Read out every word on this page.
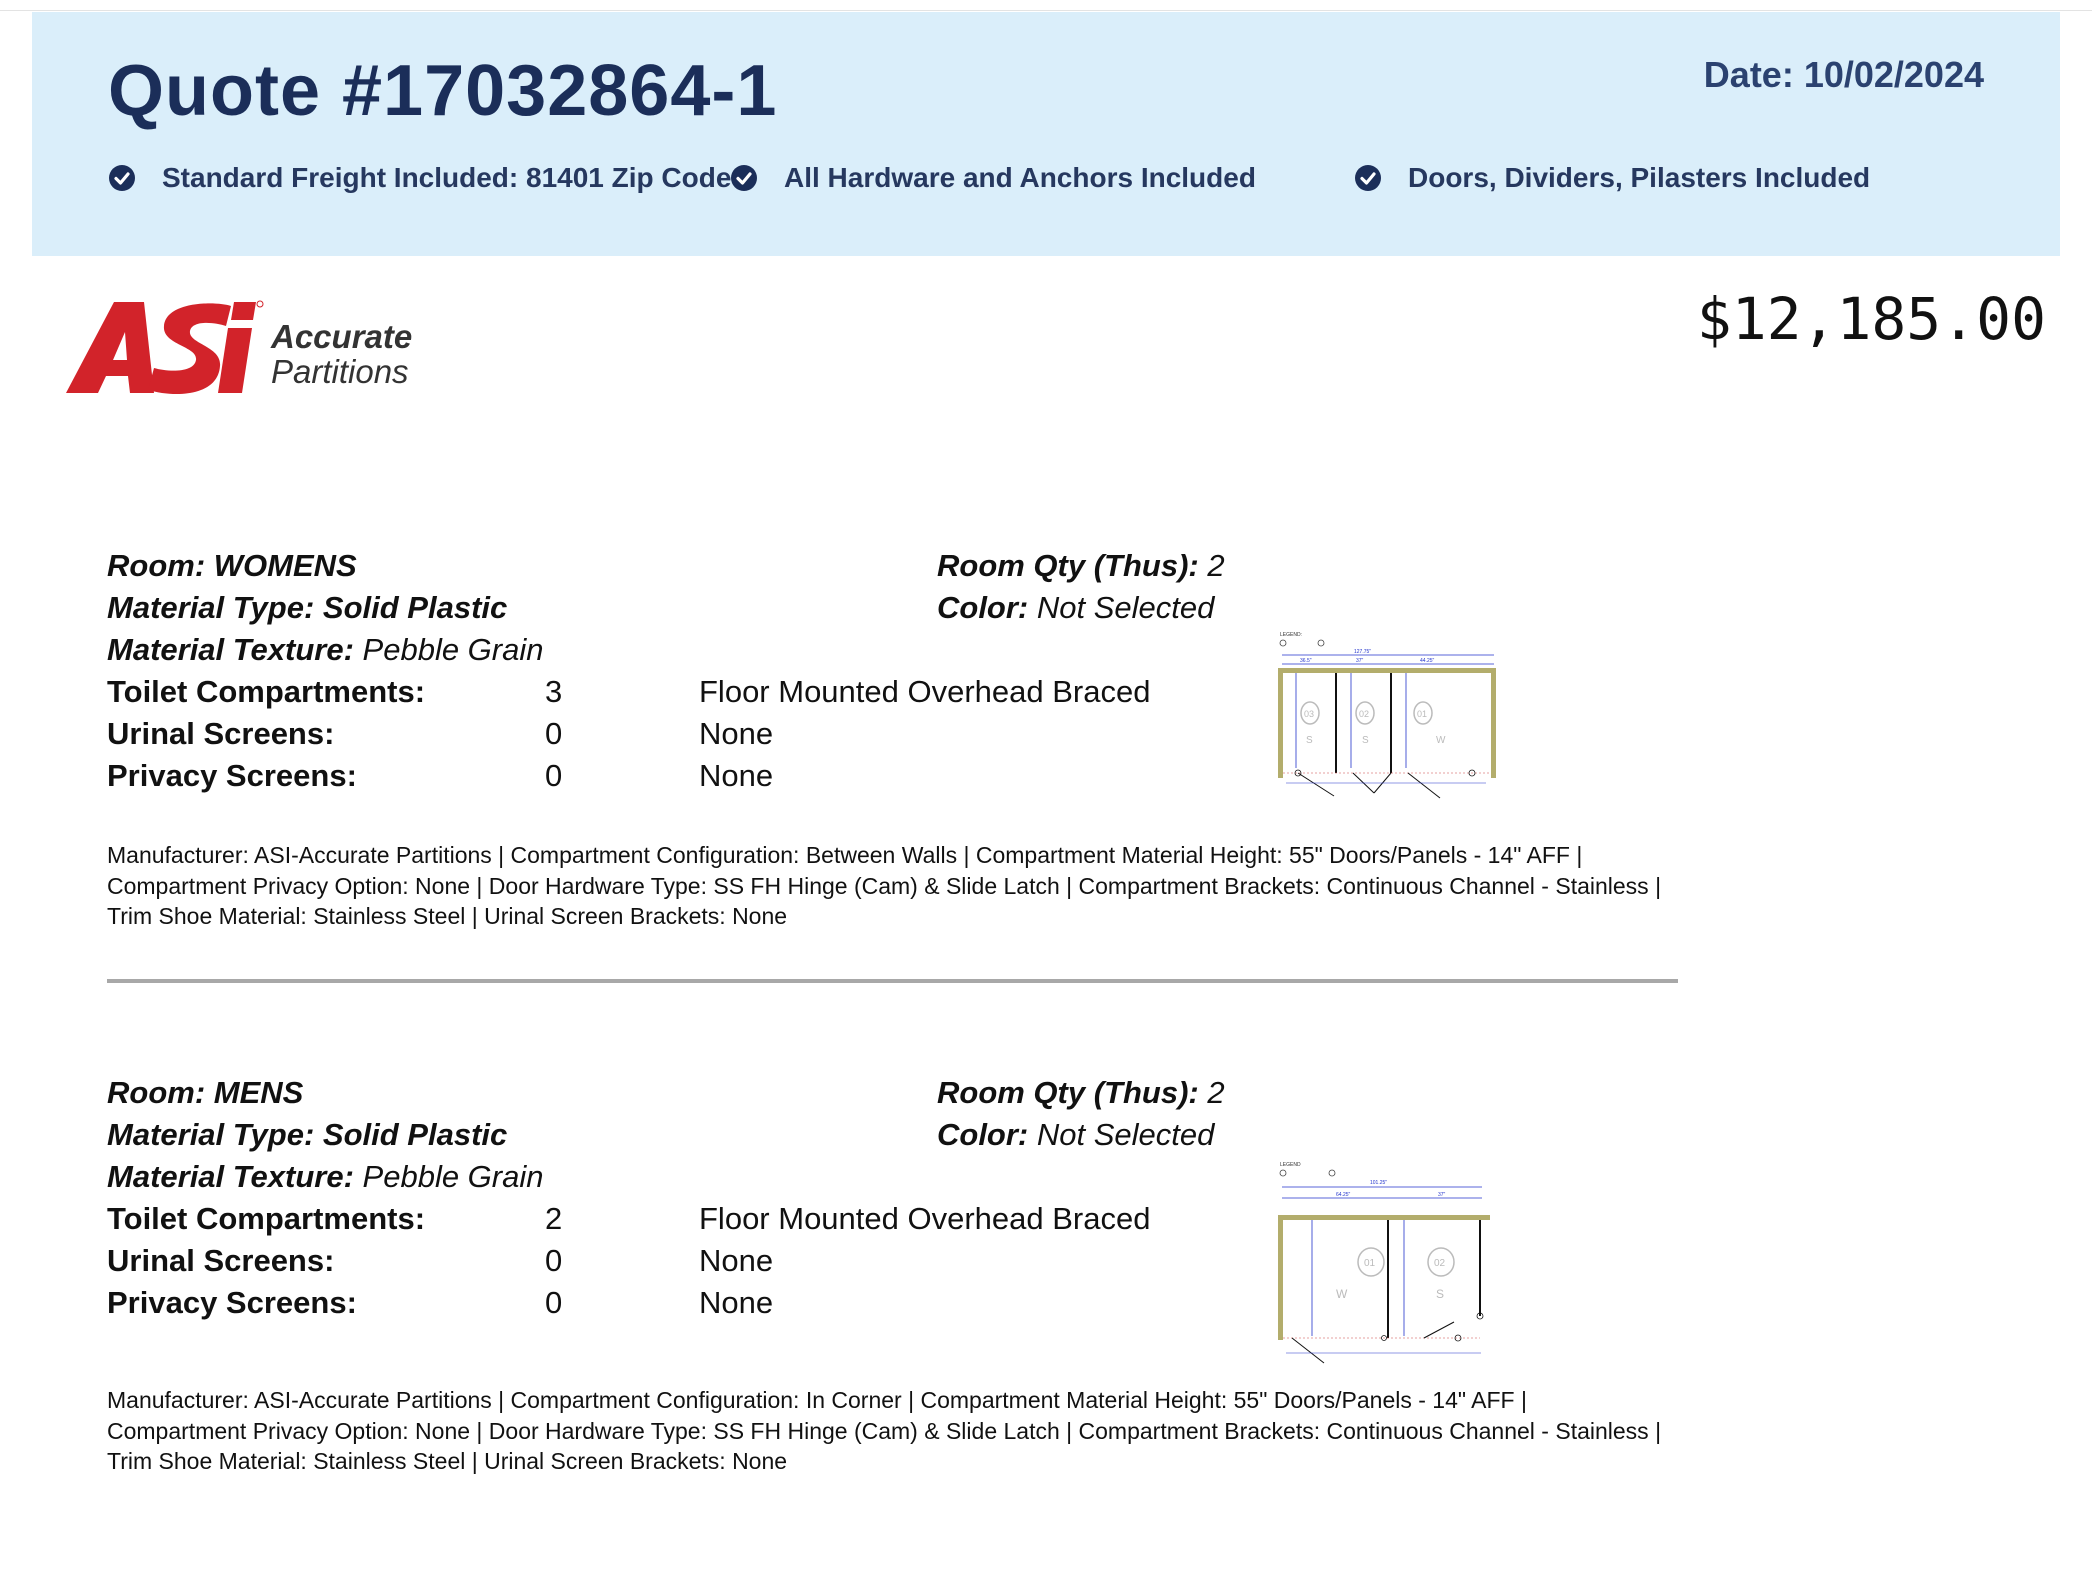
Quote #17032864-1	Date: 10/02/2024
Standard Freight Included: 81401 Zip Code All Hardware and Anchors Included	Doors, Dividers, Pilasters Included
Accurate
Partitions
$12,185.00
Room: WOMENS	Room Qty (Thus): 2
Material Type: Solid Plastic	Color: Not Selected
Material Texture: Pebble Grain
Toilet Compartments:	3	Floor Mounted Overhead Braced
Urinal Screens:	0	None
Privacy Screens:	0	None
Manufacturer: ASI-Accurate Partitions | Compartment Configuration: Between Walls | Compartment Material Height: 55" Doors/Panels - 14" AFF |
Compartment Privacy Option: None | Door Hardware Type: SS FH Hinge (Cam) & Slide Latch | Compartment Brackets: Continuous Channel - Stainless |
Trim Shoe Material: Stainless Steel | Urinal Screen Brackets: None
LEGEND:
127.75"
36.5"	37"	44.25"
03	02	01
S	S	W
Room: MENS	Room Qty (Thus): 2
Material Type: Solid Plastic	Color: Not Selected
Material Texture: Pebble Grain
Toilet Compartments:	2	Floor Mounted Overhead Braced
Urinal Screens:	0	None
Privacy Screens:	0	None
Manufacturer: ASI-Accurate Partitions | Compartment Configuration: In Corner | Compartment Material Height: 55" Doors/Panels - 14" AFF |
Compartment Privacy Option: None | Door Hardware Type: SS FH Hinge (Cam) & Slide Latch | Compartment Brackets: Continuous Channel - Stainless |
Trim Shoe Material: Stainless Steel | Urinal Screen Brackets: None
LEGEND
101.25"
64.25"	37"
01	02
W	S
